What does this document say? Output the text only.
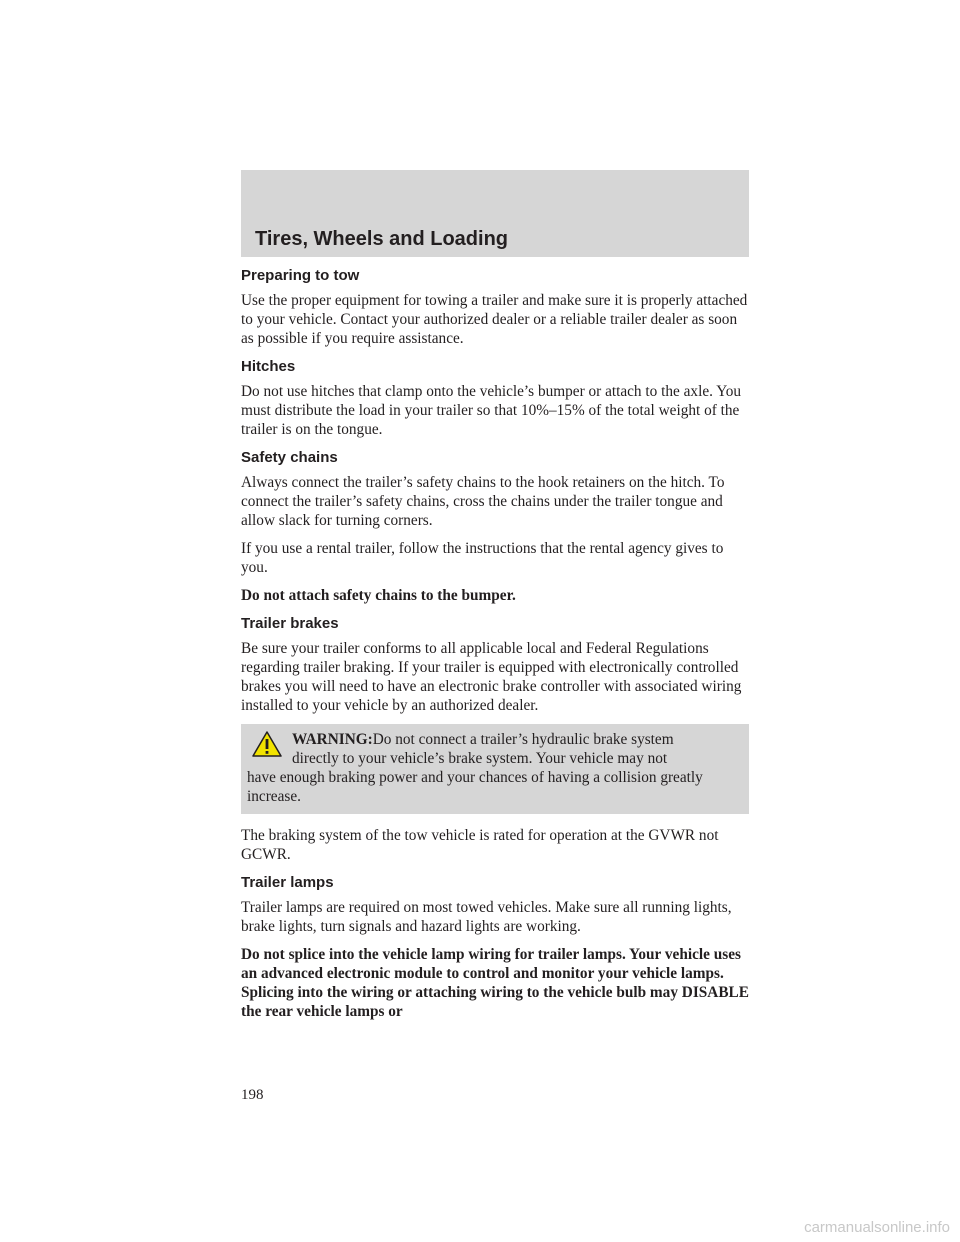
Tires, Wheels and Loading
Preparing to tow
Use the proper equipment for towing a trailer and make sure it is properly attached to your vehicle. Contact your authorized dealer or a reliable trailer dealer as soon as possible if you require assistance.
Hitches
Do not use hitches that clamp onto the vehicle’s bumper or attach to the axle. You must distribute the load in your trailer so that 10%–15% of the total weight of the trailer is on the tongue.
Safety chains
Always connect the trailer’s safety chains to the hook retainers on the hitch. To connect the trailer’s safety chains, cross the chains under the trailer tongue and allow slack for turning corners.
If you use a rental trailer, follow the instructions that the rental agency gives to you.
Do not attach safety chains to the bumper.
Trailer brakes
Be sure your trailer conforms to all applicable local and Federal Regulations regarding trailer braking. If your trailer is equipped with electronically controlled brakes you will need to have an electronic brake controller with associated wiring installed to your vehicle by an authorized dealer.
WARNING:Do not connect a trailer’s hydraulic brake system
directly to your vehicle’s brake system. Your vehicle may not
have enough braking power and your chances of having a collision greatly increase.
The braking system of the tow vehicle is rated for operation at the GVWR not GCWR.
Trailer lamps
Trailer lamps are required on most towed vehicles. Make sure all running lights, brake lights, turn signals and hazard lights are working.
Do not splice into the vehicle lamp wiring for trailer lamps. Your vehicle uses an advanced electronic module to control and monitor your vehicle lamps. Splicing into the wiring or attaching wiring to the vehicle bulb may DISABLE the rear vehicle lamps or
198
carmanualsonline.info
